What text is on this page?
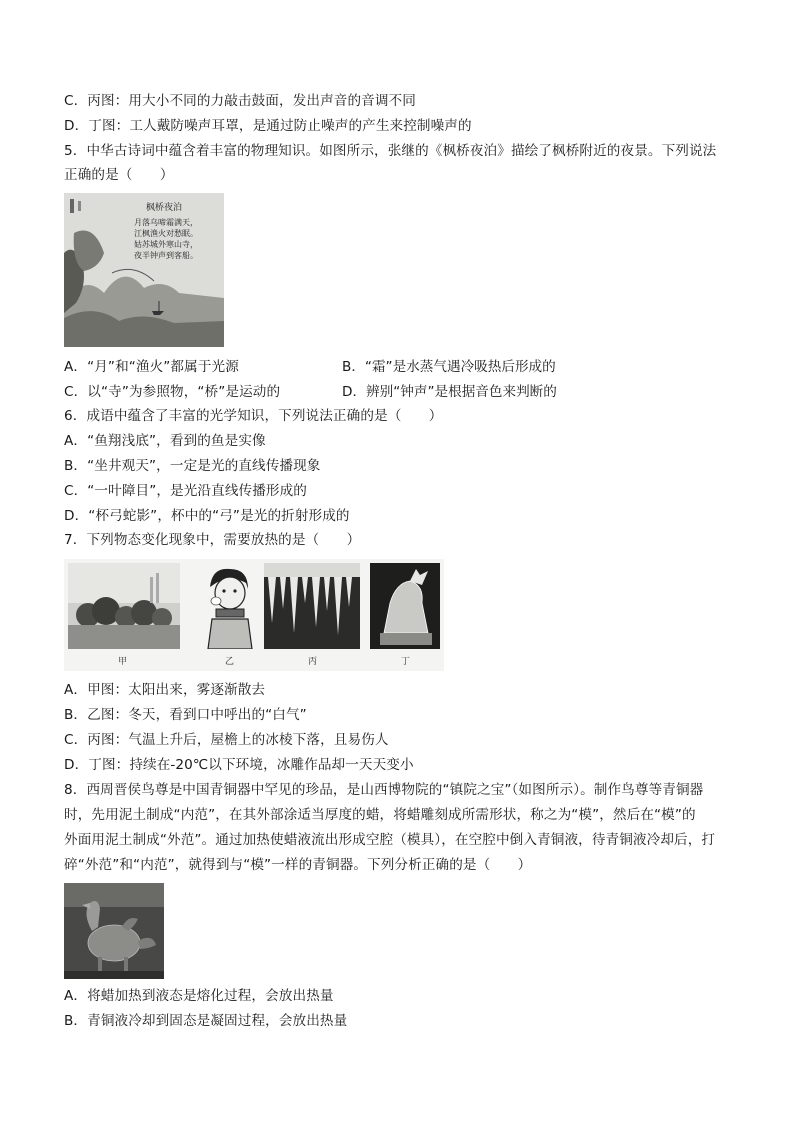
C．丙图：用大小不同的力敲击鼓面，发出声音的音调不同
D．丁图：工人戴防噪声耳罩，是通过防止噪声的产生来控制噪声的
5．中华古诗词中蕴含着丰富的物理知识。如图所示，张继的《枫桥夜泊》描绘了枫桥附近的夜景。下列说法
正确的是（　　）
枫桥夜泊
月落乌啼霜满天，
江枫渔火对愁眠。
姑苏城外寒山寺，
夜半钟声到客船。
A．“月”和“渔火”都属于光源	B．“霜”是水蒸气遇冷吸热后形成的
C．以“寺”为参照物，“桥”是运动的	D．辨别“钟声”是根据音色来判断的
6．成语中蕴含了丰富的光学知识，下列说法正确的是（　　）
A．“鱼翔浅底”，看到的鱼是实像
B．“坐井观天”，一定是光的直线传播现象
C．“一叶障目”，是光沿直线传播形成的
D．“杯弓蛇影”，杯中的“弓”是光的折射形成的
7．下列物态变化现象中，需要放热的是（　　）
甲	乙	丙	丁
A．甲图：太阳出来，雾逐渐散去
B．乙图：冬天，看到口中呼出的“白气”
C．丙图：气温上升后，屋檐上的冰棱下落，且易伤人
D．丁图：持续在-20℃以下环境，冰雕作品却一天天变小
8．西周晋侯鸟尊是中国青铜器中罕见的珍品，是山西博物院的“镇院之宝”（如图所示）。制作鸟尊等青铜器
时，先用泥土制成“内范”，在其外部涂适当厚度的蜡，将蜡雕刻成所需形状，称之为“模”，然后在“模”的
外面用泥土制成“外范”。通过加热使蜡液流出形成空腔（模具），在空腔中倒入青铜液，待青铜液冷却后，打
碎“外范”和“内范”，就得到与“模”一样的青铜器。下列分析正确的是（　　）
A．将蜡加热到液态是熔化过程，会放出热量
B．青铜液冷却到固态是凝固过程，会放出热量
